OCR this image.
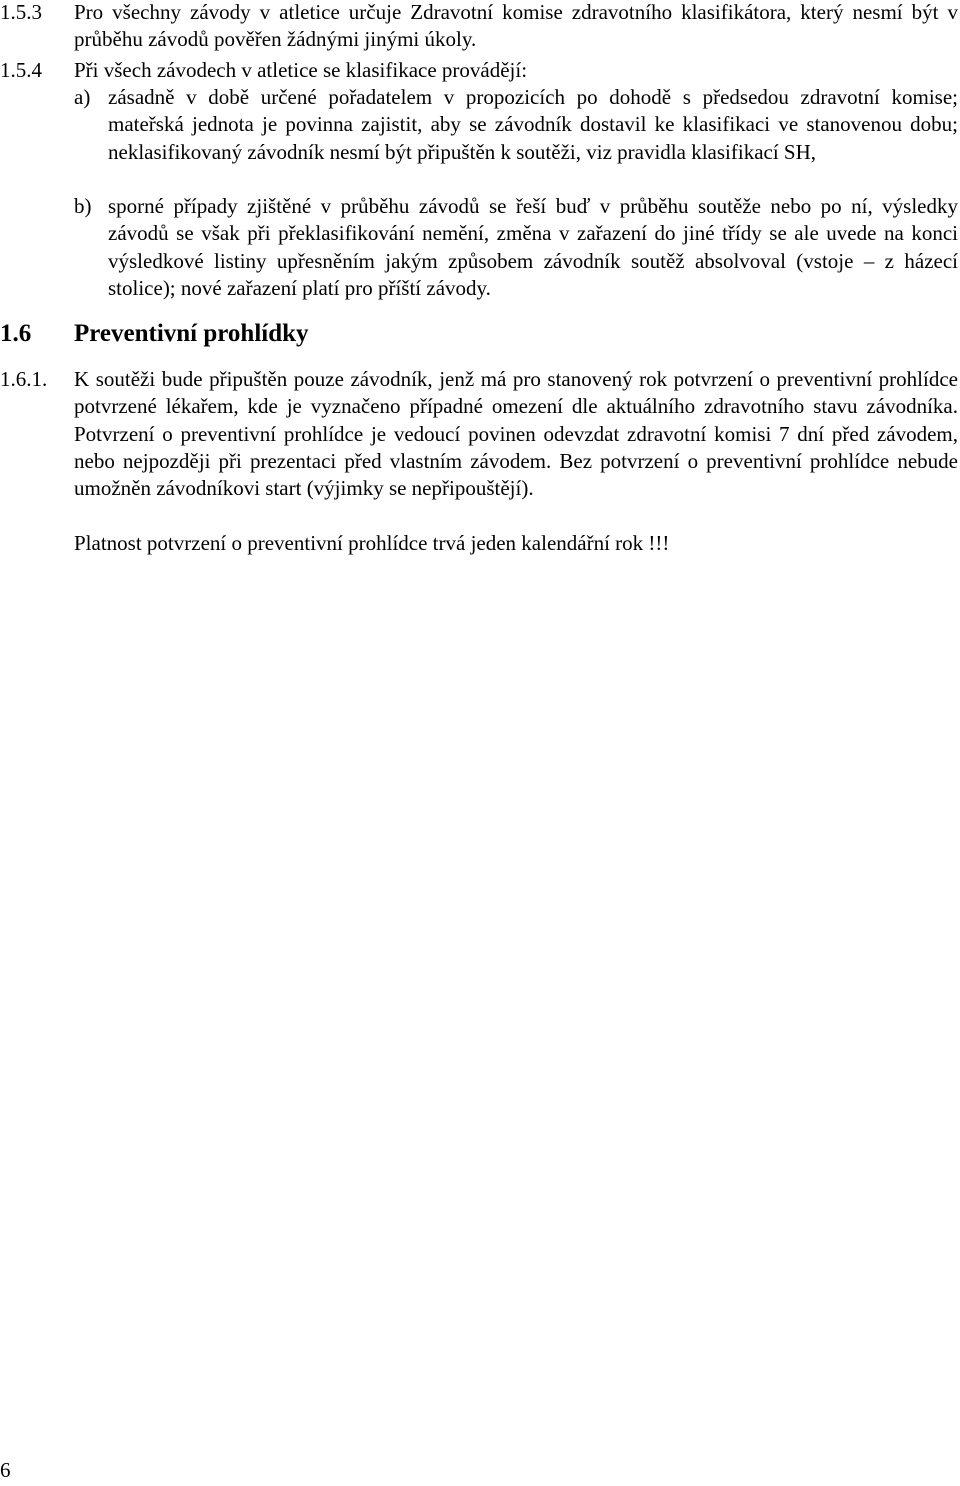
1.5.3	Pro všechny závody v atletice určuje Zdravotní komise zdravotního klasifikátora, který nesmí být v průběhu závodů pověřen žádnými jinými úkoly.
1.5.4	Při všech závodech v atletice se klasifikace provádějí:
a) zásadně v době určené pořadatelem v propozicích po dohodě s předsedou zdravotní komise; mateřská jednota je povinna zajistit, aby se závodník dostavil ke klasifikaci ve stanovenou dobu; neklasifikovaný závodník nesmí být připuštěn k soutěži, viz pravidla klasifikací SH,
b) sporné případy zjištěné v průběhu závodů se řeší buď v průběhu soutěže nebo po ní, výsledky závodů se však při překlasifikování nemění, změna v zařazení do jiné třídy se ale uvede na konci výsledkové listiny upřesněním jakým způsobem závodník soutěž absolvoval (vstoje – z házecí stolice); nové zařazení platí pro příští závody.
1.6 Preventivní prohlídky
1.6.1.	K soutěži bude připuštěn pouze závodník, jenž má pro stanovený rok potvrzení o preventivní prohlídce potvrzené lékařem, kde je vyznačeno případné omezení dle aktuálního zdravotního stavu závodníka. Potvrzení o preventivní prohlídce je vedoucí povinen odevzdat zdravotní komisi 7 dní před závodem, nebo nejpozději při prezentaci před vlastním závodem. Bez potvrzení o preventivní prohlídce nebude umožněn závodníkovi start (výjimky se nepřipouštějí).
Platnost potvrzení o preventivní prohlídce trvá jeden kalendářní rok !!!
6
